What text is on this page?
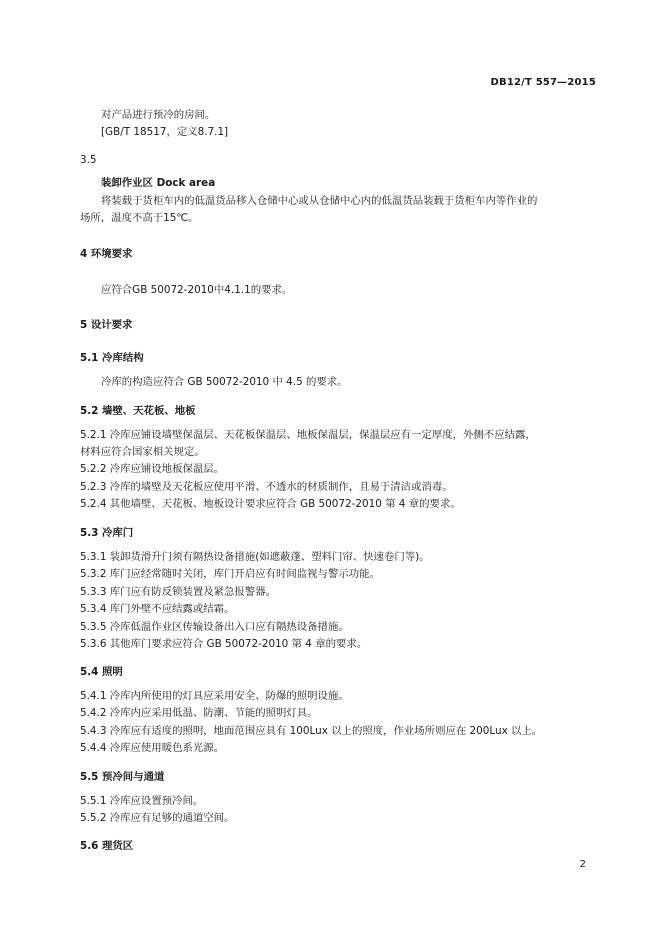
DB12/T 557—2015
对产品进行预冷的房间。
[GB/T 18517，定义8.7.1]
3.5
装卸作业区 Dock area
将装载于货柜车内的低温货品移入仓储中心或从仓储中心内的低温货品装载于货柜车内等作业的
场所，温度不高于15℃。
4 环境要求
应符合GB 50072-2010中4.1.1的要求。
5 设计要求
5.1 冷库结构
冷库的构造应符合 GB 50072-2010 中 4.5 的要求。
5.2 墙壁、天花板、地板
5.2.1 冷库应铺设墙壁保温层、天花板保温层、地板保温层，保温层应有一定厚度，外侧不应结露，
材料应符合国家相关规定。
5.2.2 冷库应铺设地板保温层。
5.2.3 冷库的墙壁及天花板应使用平滑、不透水的材质制作，且易于清洁或消毒。
5.2.4 其他墙壁、天花板、地板设计要求应符合 GB 50072-2010 第 4 章的要求。
5.3 冷库门
5.3.1 装卸货滑升门须有隔热设备措施(如遮蔽蓬、塑料门帘、快速卷门等)。
5.3.2 库门应经常随时关闭，库门开启应有时间监视与警示功能。
5.3.3 库门应有防反锁装置及紧急报警器。
5.3.4 库门外壁不应结露或结霜。
5.3.5 冷库低温作业区传输设备出入口应有隔热设备措施。
5.3.6 其他库门要求应符合 GB 50072-2010 第 4 章的要求。
5.4 照明
5.4.1 冷库内所使用的灯具应采用安全、防爆的照明设施。
5.4.2 冷库内应采用低温、防潮、节能的照明灯具。
5.4.3 冷库应有适度的照明，地面范围应具有 100Lux 以上的照度，作业场所则应在 200Lux 以上。
5.4.4 冷库应使用暖色系光源。
5.5 预冷间与通道
5.5.1 冷库应设置预冷间。
5.5.2 冷库应有足够的通道空间。
5.6 理货区
2
